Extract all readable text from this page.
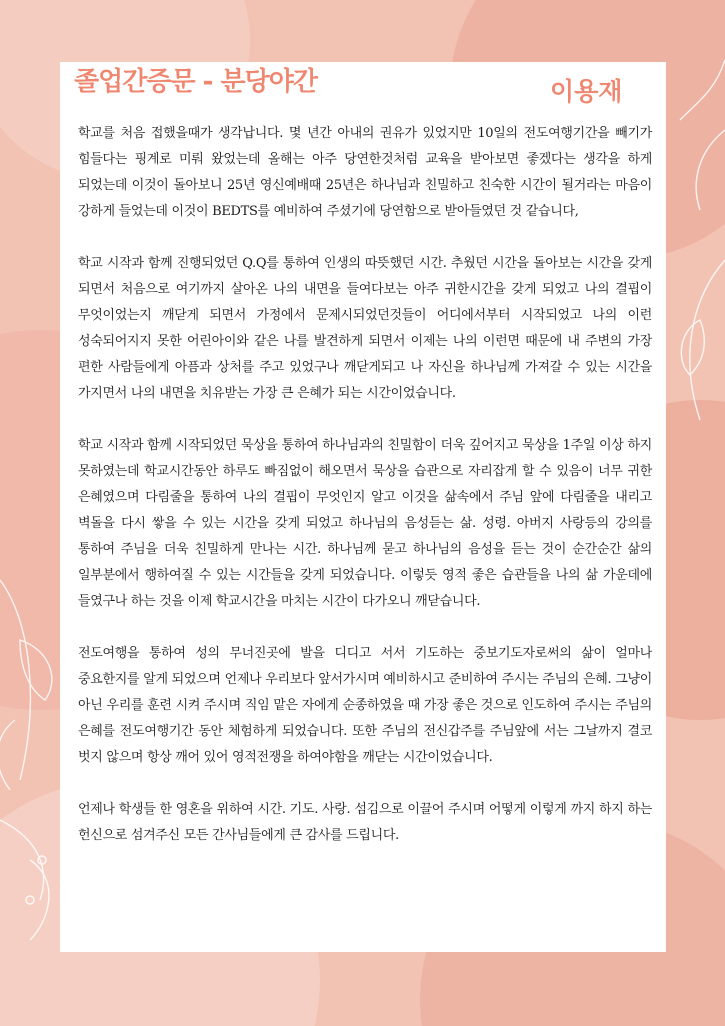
졸업간증문 - 분당야간	이용재

학교를 처음 접했을때가 생각납니다. 몇 년간 아내의 권유가 있었지만 10일의 전도여행기간을 빼기가 힘들다는 핑계로 미뤄 왔었는데 올해는 아주 당연한것처럼 교육을 받아보면 좋겠다는 생각을 하게 되었는데 이것이 돌아보니 25년 영신예배때 25년은 하나님과 친밀하고 친숙한 시간이 될거라는 마음이 강하게 들었는데 이것이 BEDTS를 예비하여 주셨기에 당연함으로 받아들였던 것 같습니다,

학교 시작과 함께 진행되었던 Q.Q를 통하여 인생의 따뜻했던 시간. 추웠던 시간을 돌아보는 시간을 갖게 되면서 처음으로 여기까지 살아온 나의 내면을 들여다보는 아주 귀한시간을 갖게 되었고 나의 결핍이 무엇이었는지 깨닫게 되면서 가정에서 문제시되었던것들이 어디에서부터 시작되었고 나의 이런 성숙되어지지 못한 어린아이와 같은 나를 발견하게 되면서 이제는 나의 이런면 때문에 내 주변의 가장 편한 사람들에게 아픔과 상처를 주고 있었구나 깨닫게되고 나 자신을 하나님께 가져갈 수 있는 시간을 가지면서 나의 내면을 치유받는 가장 큰 은혜가 되는 시간이었습니다.

학교 시작과 함께 시작되었던 묵상을 통하여 하나님과의 친밀함이 더욱 깊어지고 묵상을 1주일 이상 하지 못하였는데 학교시간동안 하루도 빠짐없이 해오면서 묵상을 습관으로 자리잡게 할 수 있음이 너무 귀한 은혜였으며 다림줄을 통하여 나의 결핍이 무엇인지 알고 이것을 삶속에서 주님 앞에 다림줄을 내리고 벽돌을 다시 쌓을 수 있는 시간을 갖게 되었고 하나님의 음성듣는 삶. 성령. 아버지 사랑등의 강의를 통하여 주님을 더욱 친밀하게 만나는 시간. 하나님께 묻고 하나님의 음성을 듣는 것이 순간순간 삶의 일부분에서 행하여질 수 있는 시간들을 갖게 되었습니다. 이렇듯 영적 좋은 습관들을 나의 삶 가운데에 들였구나 하는 것을 이제 학교시간을 마치는 시간이 다가오니 깨닫습니다.

전도여행을 통하여 성의 무너진곳에 발을 디디고 서서 기도하는 중보기도자로써의 삶이 얼마나 중요한지를 알게 되었으며 언제나 우리보다 앞서가시며 예비하시고 준비하여 주시는 주님의 은혜. 그냥이 아닌 우리를 훈련 시켜 주시며 직임 맡은 자에게 순종하였을 때 가장 좋은 것으로 인도하여 주시는 주님의 은혜를 전도여행기간 동안 체험하게 되었습니다. 또한 주님의 전신갑주를 주님앞에 서는 그날까지 결코 벗지 않으며 항상 깨어 있어 영적전쟁을 하여야함을 깨닫는 시간이었습니다.

언제나 학생들 한 영혼을 위하여 시간. 기도. 사랑. 섬김으로 이끌어 주시며 어떻게 이렇게 까지 하지 하는 헌신으로 섬겨주신 모든 간사님들에게 큰 감사를 드립니다.
